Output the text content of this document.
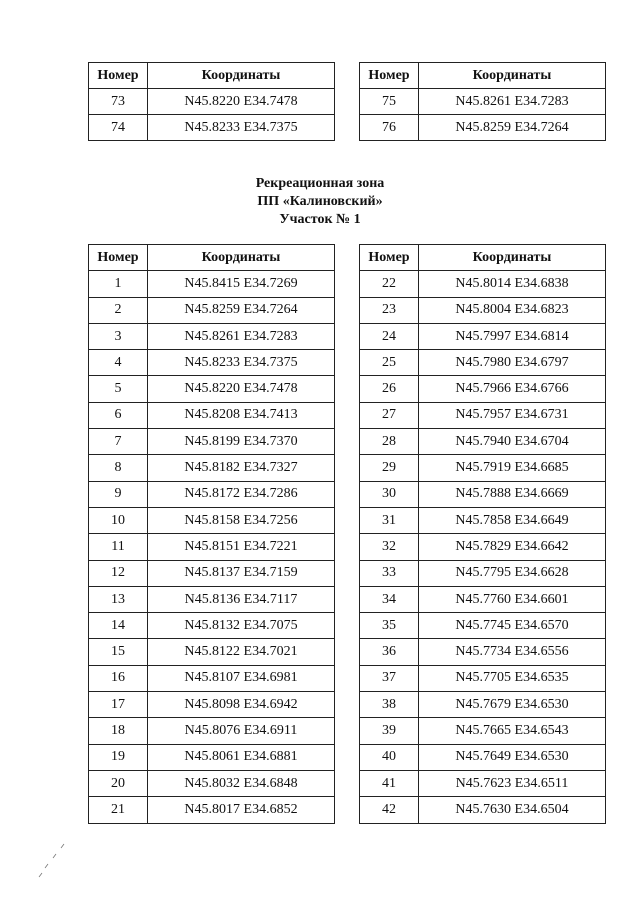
Номер	Координаты
73	N45.8220 E34.7478
74	N45.8233 E34.7375
Номер	Координаты
75	N45.8261 E34.7283
76	N45.8259 E34.7264
Рекреационная зона
ПП «Калиновский»
Участок № 1
Номер	Координаты
1	N45.8415 E34.7269
2	N45.8259 E34.7264
3	N45.8261 E34.7283
4	N45.8233 E34.7375
5	N45.8220 E34.7478
6	N45.8208 E34.7413
7	N45.8199 E34.7370
8	N45.8182 E34.7327
9	N45.8172 E34.7286
10	N45.8158 E34.7256
11	N45.8151 E34.7221
12	N45.8137 E34.7159
13	N45.8136 E34.7117
14	N45.8132 E34.7075
15	N45.8122 E34.7021
16	N45.8107 E34.6981
17	N45.8098 E34.6942
18	N45.8076 E34.6911
19	N45.8061 E34.6881
20	N45.8032 E34.6848
21	N45.8017 E34.6852
Номер	Координаты
22	N45.8014 E34.6838
23	N45.8004 E34.6823
24	N45.7997 E34.6814
25	N45.7980 E34.6797
26	N45.7966 E34.6766
27	N45.7957 E34.6731
28	N45.7940 E34.6704
29	N45.7919 E34.6685
30	N45.7888 E34.6669
31	N45.7858 E34.6649
32	N45.7829 E34.6642
33	N45.7795 E34.6628
34	N45.7760 E34.6601
35	N45.7745 E34.6570
36	N45.7734 E34.6556
37	N45.7705 E34.6535
38	N45.7679 E34.6530
39	N45.7665 E34.6543
40	N45.7649 E34.6530
41	N45.7623 E34.6511
42	N45.7630 E34.6504
